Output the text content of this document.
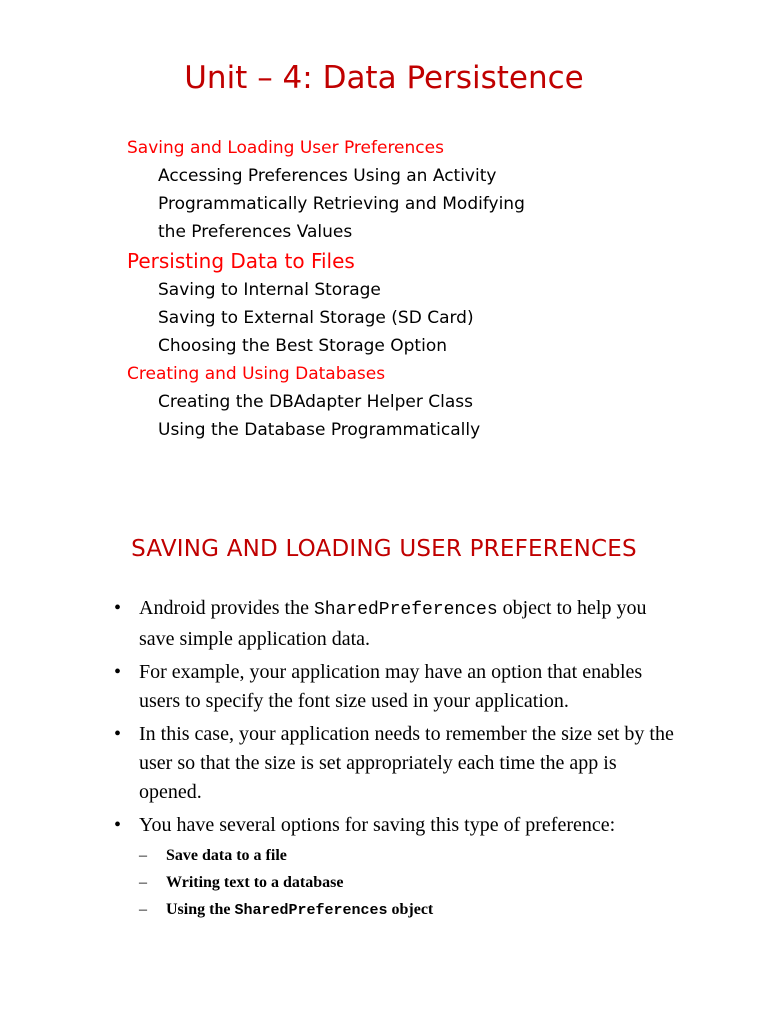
Unit – 4: Data Persistence
Saving and Loading User Preferences
Accessing Preferences Using an Activity
Programmatically Retrieving and Modifying
the Preferences Values
Persisting Data to Files
Saving to Internal Storage
Saving to External Storage (SD Card)
Choosing the Best Storage Option
Creating and Using Databases
Creating the DBAdapter Helper Class
Using the Database Programmatically
SAVING AND LOADING USER PREFERENCES
• Android provides the SharedPreferences object to help you save simple application data.
• For example, your application may have an option that enables users to specify the font size used in your application.
• In this case, your application needs to remember the size set by the user so that the size is set appropriately each time the app is opened.
• You have several options for saving this type of preference:
– Save data to a file
– Writing text to a database
– Using the SharedPreferences object
